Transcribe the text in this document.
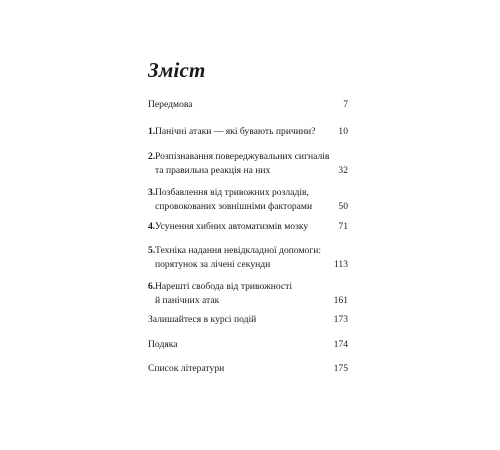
Зміст
Передмова	7
1. Панічні атаки — які бувають причини? 10
2. Розпізнавання повереджувальних сигналів
та правильна реакція на них	32
3. Позбавлення від тривожних розладів,
спровокованих зовнішніми факторами	50
4. Усунення хибних автоматизмів мозку	71
5. Техніка надання невідкладної допомоги:
порятунок за лічені секунди	113
6. Нарешті свобода від тривожності
й панічних атак	161
Залишайтеся в курсі подій	173
Подяка	174
Список літератури	175
